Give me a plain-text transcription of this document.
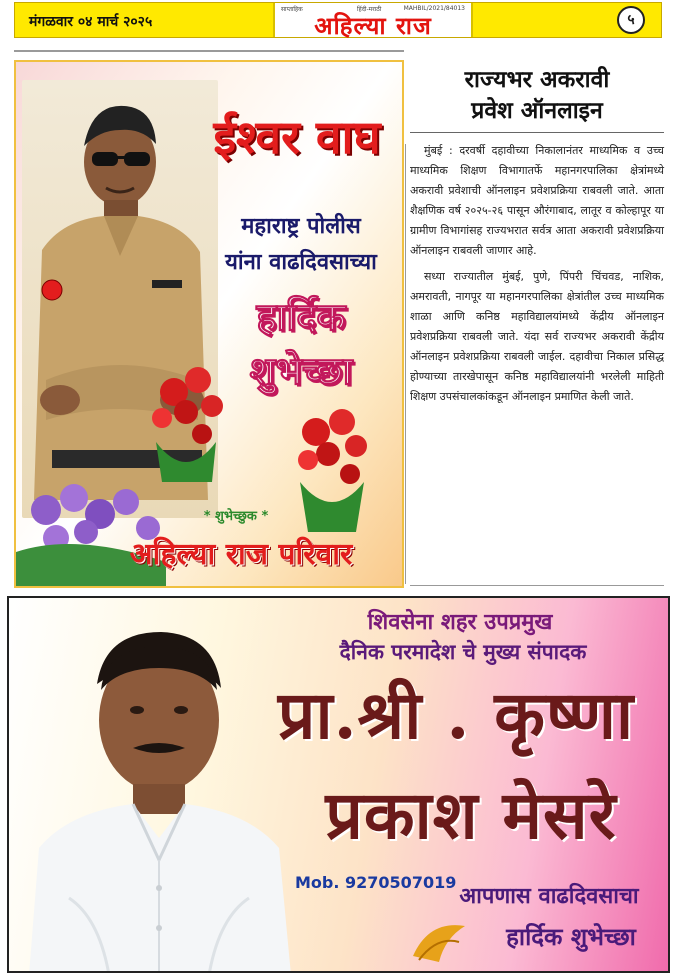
मंगळवार ०४ मार्च २०२५
साप्ताहिक	हिंदी-मराठी	MAHBIL/2021/84013
अहिल्या राज	५
ईश्वर वाघ
महाराष्ट्र पोलीस
यांना वाढदिवसाच्या
हार्दिक
शुभेच्छा
* शुभेच्छुक *
अहिल्या राज परिवार
राज्यभर अकरावी
प्रवेश ऑनलाइन

मुंबई : दरवर्षी दहावीच्या निकालानंतर माध्यमिक व उच्च माध्यमिक शिक्षण विभागातर्फे महानगरपालिका क्षेत्रांमध्ये अकरावी प्रवेशाची ऑनलाइन प्रवेशप्रक्रिया राबवली जाते. आता शैक्षणिक वर्ष २०२५-२६ पासून औरंगाबाद, लातूर व कोल्हापूर या ग्रामीण विभागांसह राज्यभरात सर्वत्र आता अकरावी प्रवेशप्रक्रिया ऑनलाइन राबवली जाणार आहे.

सध्या राज्यातील मुंबई, पुणे, पिंपरी चिंचवड, नाशिक, अमरावती, नागपूर या महानगरपालिका क्षेत्रांतील उच्च माध्यमिक शाळा आणि कनिष्ठ महाविद्यालयांमध्ये केंद्रीय ऑनलाइन प्रवेशप्रक्रिया राबवली जाते. यंदा सर्व राज्यभर अकरावी केंद्रीय ऑनलाइन प्रवेशप्रक्रिया राबवली जाईल. दहावीचा निकाल प्रसिद्ध होण्याच्या तारखेपासून कनिष्ठ महाविद्यालयांनी भरलेली माहिती शिक्षण उपसंचालकांकडून ऑनलाइन प्रमाणित केली जाते.

शिवसेना शहर उपप्रमुख
दैनिक परमादेश चे मुख्य संपादक
प्रा.श्री . कृष्णा
प्रकाश मेसरे
Mob. 9270507019
आपणास वाढदिवसाचा
हार्दिक शुभेच्छा
